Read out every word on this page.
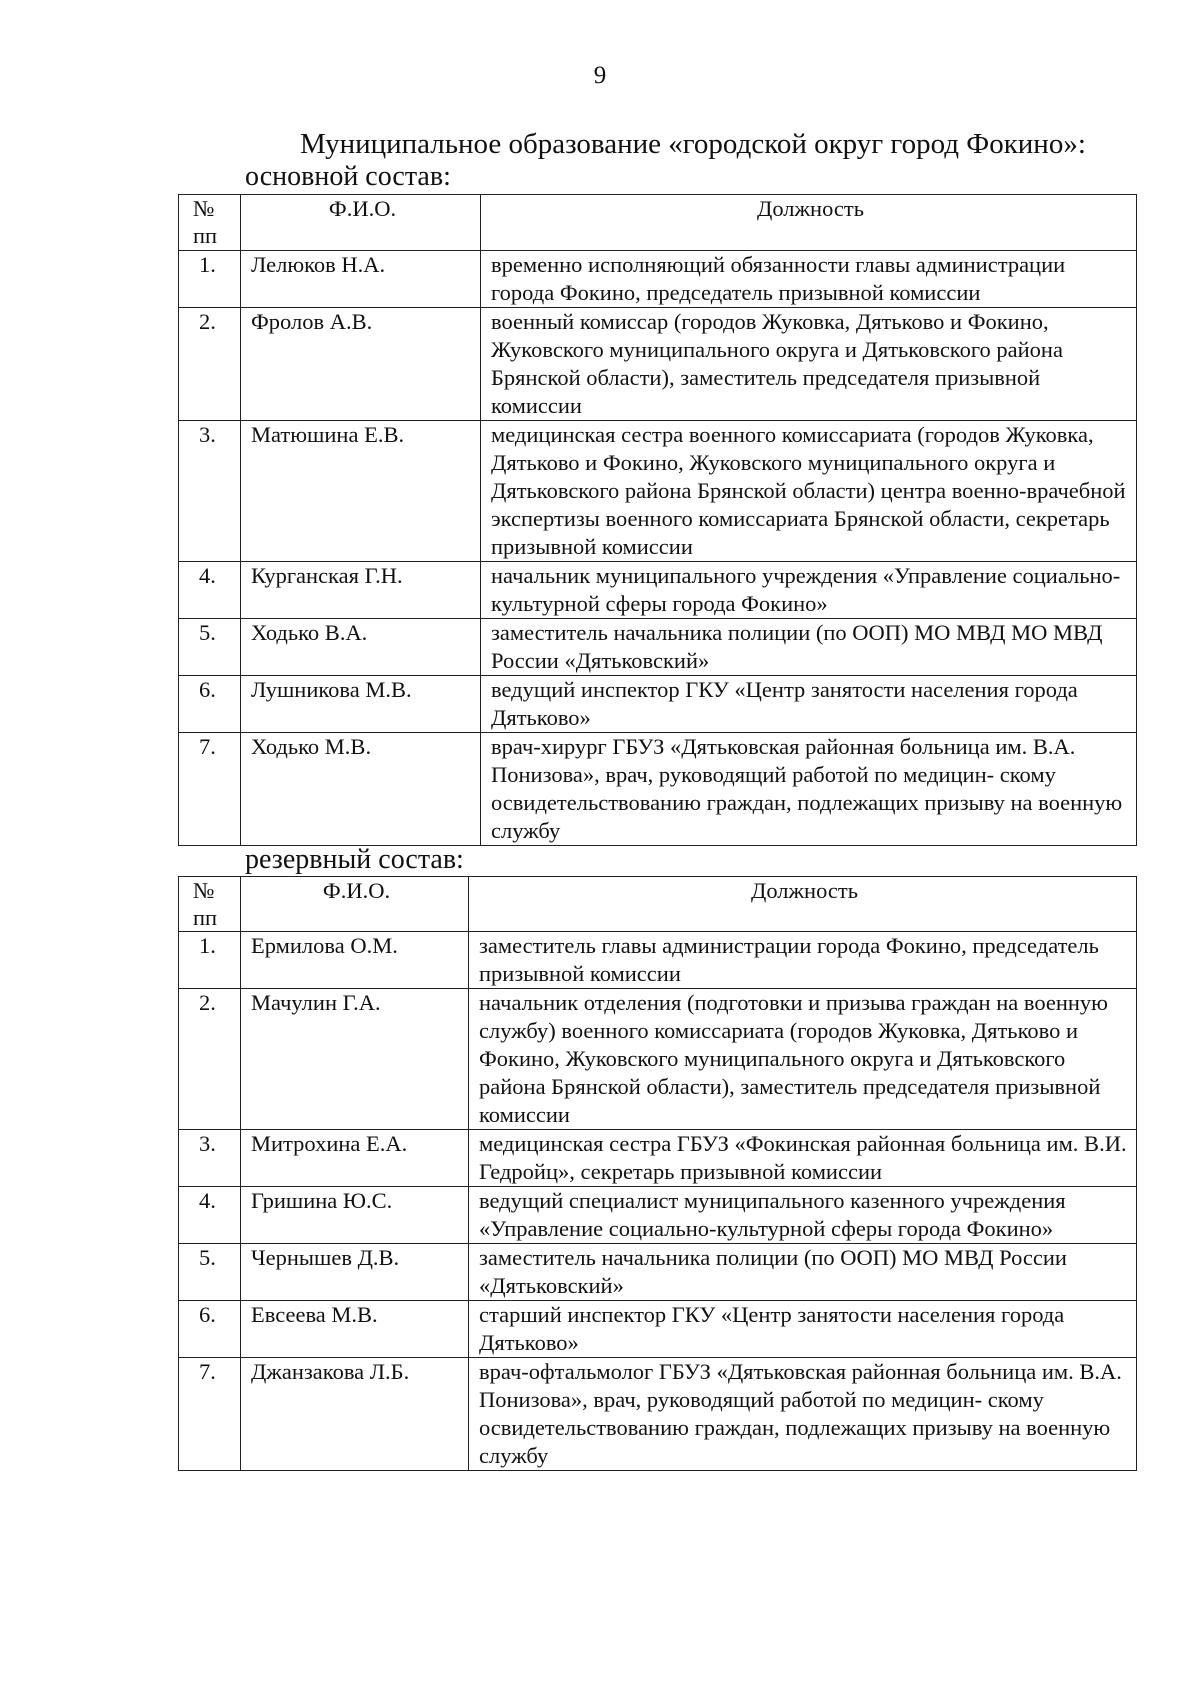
9
Муниципальное образование «городской округ город Фокино»:
основной состав:
№ пп	Ф.И.О.	Должность
1.	Лелюков Н.А.	временно исполняющий обязанности главы администрации города Фокино, председатель призывной комиссии
2.	Фролов А.В.	военный комиссар (городов Жуковка, Дятьково и Фокино, Жуковского муниципального округа и Дятьковского района Брянской области), заместитель председателя призывной комиссии
3.	Матюшина Е.В.	медицинская сестра военного комиссариата (городов Жуковка, Дятьково и Фокино, Жуковского муниципального округа и Дятьковского района Брянской области) центра военно-врачебной экспертизы военного комиссариата Брянской области, секретарь призывной комиссии
4.	Курганская Г.Н.	начальник муниципального учреждения «Управление социально-культурной сферы города Фокино»
5.	Ходько В.А.	заместитель начальника полиции (по ООП) МО МВД МО МВД России «Дятьковский»
6.	Лушникова М.В.	ведущий инспектор ГКУ «Центр занятости населения города Дятьково»
7.	Ходько М.В.	врач-хирург ГБУЗ «Дятьковская районная больница им. В.А. Понизова», врач, руководящий работой по медицин- скому освидетельствованию граждан, подлежащих призыву на военную службу
резервный состав:
№ пп	Ф.И.О.	Должность
1.	Ермилова О.М.	заместитель главы администрации города Фокино, председатель призывной комиссии
2.	Мачулин Г.А.	начальник отделения (подготовки и призыва граждан на военную службу) военного комиссариата (городов Жуковка, Дятьково и Фокино, Жуковского муниципального округа и Дятьковского района Брянской области), заместитель председателя призывной комиссии
3.	Митрохина Е.А.	медицинская сестра ГБУЗ «Фокинская районная больница им. В.И. Гедройц», секретарь призывной комиссии
4.	Гришина Ю.С.	ведущий специалист муниципального казенного учреждения «Управление социально-культурной сферы города Фокино»
5.	Чернышев Д.В.	заместитель начальника полиции (по ООП) МО МВД России «Дятьковский»
6.	Евсеева М.В.	старший инспектор ГКУ «Центр занятости населения города Дятьково»
7.	Джанзакова Л.Б.	врач-офтальмолог ГБУЗ «Дятьковская районная больница им. В.А. Понизова», врач, руководящий работой по медицин- скому освидетельствованию граждан, подлежащих призыву на военную службу
